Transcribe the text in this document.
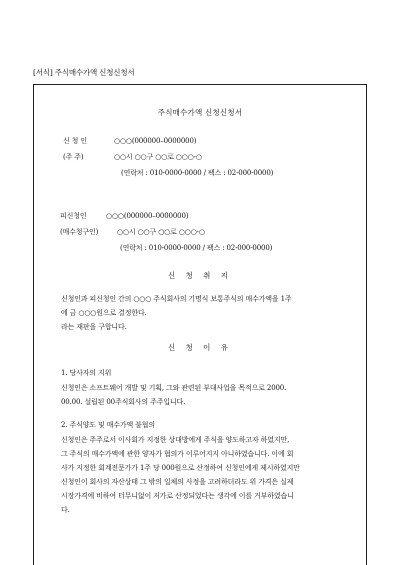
[서식] 주식매수가액 신청신청서
주식매수가액 신청신청서
신 청 인	○○○(000000–0000000)
(주 주)	○○시 ○○구 ○○로 ○○○-○
(연락처 : 010-0000-0000 / 팩스 : 02-000-0000)
피신청인	○○○(000000–0000000)
(매수청구인)	○○시 ○○구 ○○로 ○○○-○
(연락처 : 010-0000-0000 / 팩스 : 02-000-0000)
신 청 취 지
신청인과 피신청인 간의 ○○○ 주식회사의 기명식 보통주식의 매수가액을 1주
에 금 ○○○원으로 결정한다.
라는 재판을 구합니다.
신 청 이 유
1. 당사자의 지위
신청인은 소프트웨어 개발 및 기획, 그와 관련된 부대사업을 목적으로 2000.
00.00. 설립된 00주식회사의 주주입니다.
2. 주식양도 및 매수가액 불협의
신청인은 주주로서 이사회가 지정한 상대방에게 주식을 양도하고자 하였지만,
그 주식의 매수가액에 관한 양자가 협의가 이루어지지 아니하였습니다. 이에 회
사가 지정한 회계전문가가 1주 당 000원으로 산정하여 신청인에게 제시하였지만
신청인이 회사의 자산상태 그 밖의 일체의 사정을 고려하더라도 위 가격은 실제
시장가격에 비하여 터무니없이 저가로 산정되었다는 생각에 이를 거부하였습니
다.
